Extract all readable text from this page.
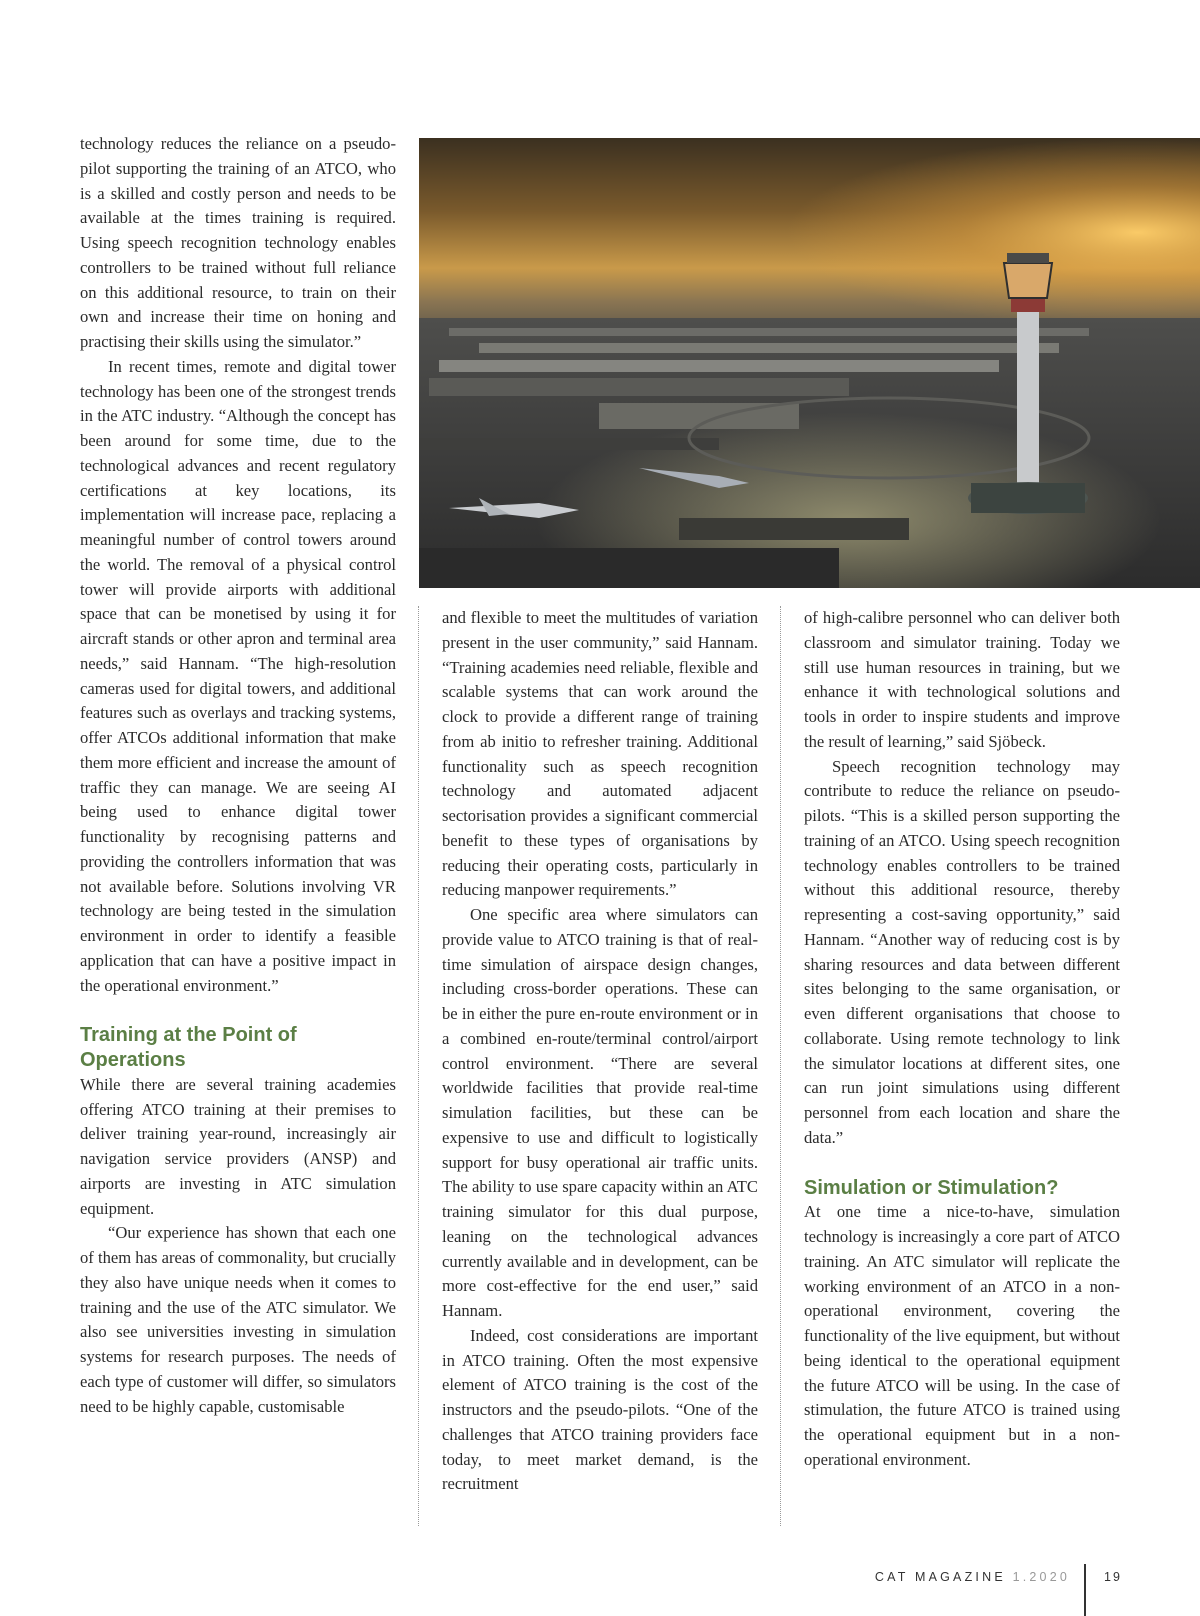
technology reduces the reliance on a pseudo-pilot supporting the training of an ATCO, who is a skilled and costly person and needs to be available at the times training is required. Using speech recognition technology enables controllers to be trained without full reliance on this additional resource, to train on their own and increase their time on honing and practising their skills using the simulator.”

In recent times, remote and digital tower technology has been one of the strongest trends in the ATC industry. “Although the concept has been around for some time, due to the technological advances and recent regulatory certifications at key locations, its implementation will increase pace, replacing a meaningful number of control towers around the world. The removal of a physical control tower will provide airports with additional space that can be monetised by using it for aircraft stands or other apron and terminal area needs,” said Hannam. “The high-resolution cameras used for digital towers, and additional features such as overlays and tracking systems, offer ATCOs additional information that make them more efficient and increase the amount of traffic they can manage. We are seeing AI being used to enhance digital tower functionality by recognising patterns and providing the controllers information that was not available before. Solutions involving VR technology are being tested in the simulation environment in order to identify a feasible application that can have a positive impact in the operational environment.”

Training at the Point of Operations

While there are several training academies offering ATCO training at their premises to deliver training year-round, increasingly air navigation service providers (ANSP) and airports are investing in ATC simulation equipment.

“Our experience has shown that each one of them has areas of commonality, but crucially they also have unique needs when it comes to training and the use of the ATC simulator. We also see universities investing in simulation systems for research purposes. The needs of each type of customer will differ, so simulators need to be highly capable, customisable

and flexible to meet the multitudes of variation present in the user community,” said Hannam. “Training academies need reliable, flexible and scalable systems that can work around the clock to provide a different range of training from ab initio to refresher training. Additional functionality such as speech recognition technology and automated adjacent sectorisation provides a significant commercial benefit to these types of organisations by reducing their operating costs, particularly in reducing manpower requirements.”

One specific area where simulators can provide value to ATCO training is that of real-time simulation of airspace design changes, including cross-border operations. These can be in either the pure en-route environment or in a combined en-route/terminal control/airport control environment. “There are several worldwide facilities that provide real-time simulation facilities, but these can be expensive to use and difficult to logistically support for busy operational air traffic units. The ability to use spare capacity within an ATC training simulator for this dual purpose, leaning on the technological advances currently available and in development, can be more cost-effective for the end user,” said Hannam.

Indeed, cost considerations are important in ATCO training. Often the most expensive element of ATCO training is the cost of the instructors and the pseudo-pilots. “One of the challenges that ATCO training providers face today, to meet market demand, is the recruitment

of high-calibre personnel who can deliver both classroom and simulator training. Today we still use human resources in training, but we enhance it with technological solutions and tools in order to inspire students and improve the result of learning,” said Sjöbeck.

Speech recognition technology may contribute to reduce the reliance on pseudo-pilots. “This is a skilled person supporting the training of an ATCO. Using speech recognition technology enables controllers to be trained without this additional resource, thereby representing a cost-saving opportunity,” said Hannam. “Another way of reducing cost is by sharing resources and data between different sites belonging to the same organisation, or even different organisations that choose to collaborate. Using remote technology to link the simulator locations at different sites, one can run joint simulations using different personnel from each location and share the data.”

Simulation or Stimulation?

At one time a nice-to-have, simulation technology is increasingly a core part of ATCO training. An ATC simulator will replicate the working environment of an ATCO in a non-operational environment, covering the functionality of the live equipment, but without being identical to the operational equipment the future ATCO will be using. In the case of stimulation, the future ATCO is trained using the operational equipment but in a non-operational environment.

CAT MAGAZINE 1.2020	19
